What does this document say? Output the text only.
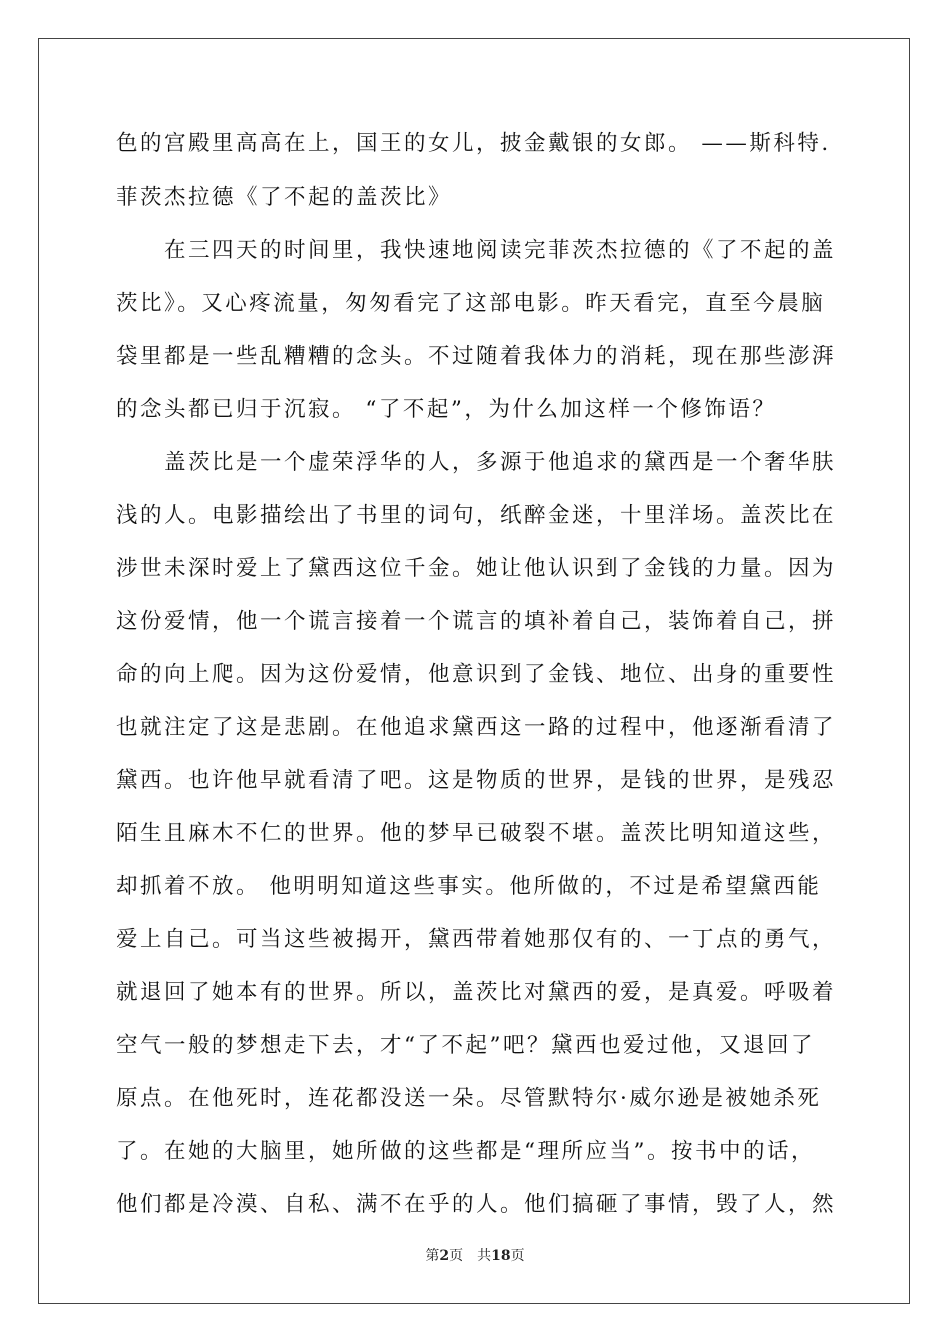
色的宫殿里高高在上，国王的女儿，披金戴银的女郎。 ——斯科特.
菲茨杰拉德《了不起的盖茨比》
　　在三四天的时间里，我快速地阅读完菲茨杰拉德的《了不起的盖
茨比》。又心疼流量，匆匆看完了这部电影。昨天看完，直至今晨脑
袋里都是一些乱糟糟的念头。不过随着我体力的消耗，现在那些澎湃
的念头都已归于沉寂。 “了不起”，为什么加这样一个修饰语？
　　盖茨比是一个虚荣浮华的人，多源于他追求的黛西是一个奢华肤
浅的人。电影描绘出了书里的词句，纸醉金迷，十里洋场。盖茨比在
涉世未深时爱上了黛西这位千金。她让他认识到了金钱的力量。因为
这份爱情，他一个谎言接着一个谎言的填补着自己，装饰着自己，拼
命的向上爬。因为这份爱情，他意识到了金钱、地位、出身的重要性
也就注定了这是悲剧。在他追求黛西这一路的过程中，他逐渐看清了
黛西。也许他早就看清了吧。这是物质的世界，是钱的世界，是残忍
陌生且麻木不仁的世界。他的梦早已破裂不堪。盖茨比明知道这些，
却抓着不放。 他明明知道这些事实。他所做的，不过是希望黛西能
爱上自己。可当这些被揭开，黛西带着她那仅有的、一丁点的勇气，
就退回了她本有的世界。所以，盖茨比对黛西的爱，是真爱。呼吸着
空气一般的梦想走下去，才“了不起”吧？黛西也爱过他，又退回了
原点。在他死时，连花都没送一朵。尽管默特尔·威尔逊是被她杀死
了。在她的大脑里，她所做的这些都是“理所应当”。按书中的话，
他们都是冷漠、自私、满不在乎的人。他们搞砸了事情，毁了人，然
第2页 共18页
